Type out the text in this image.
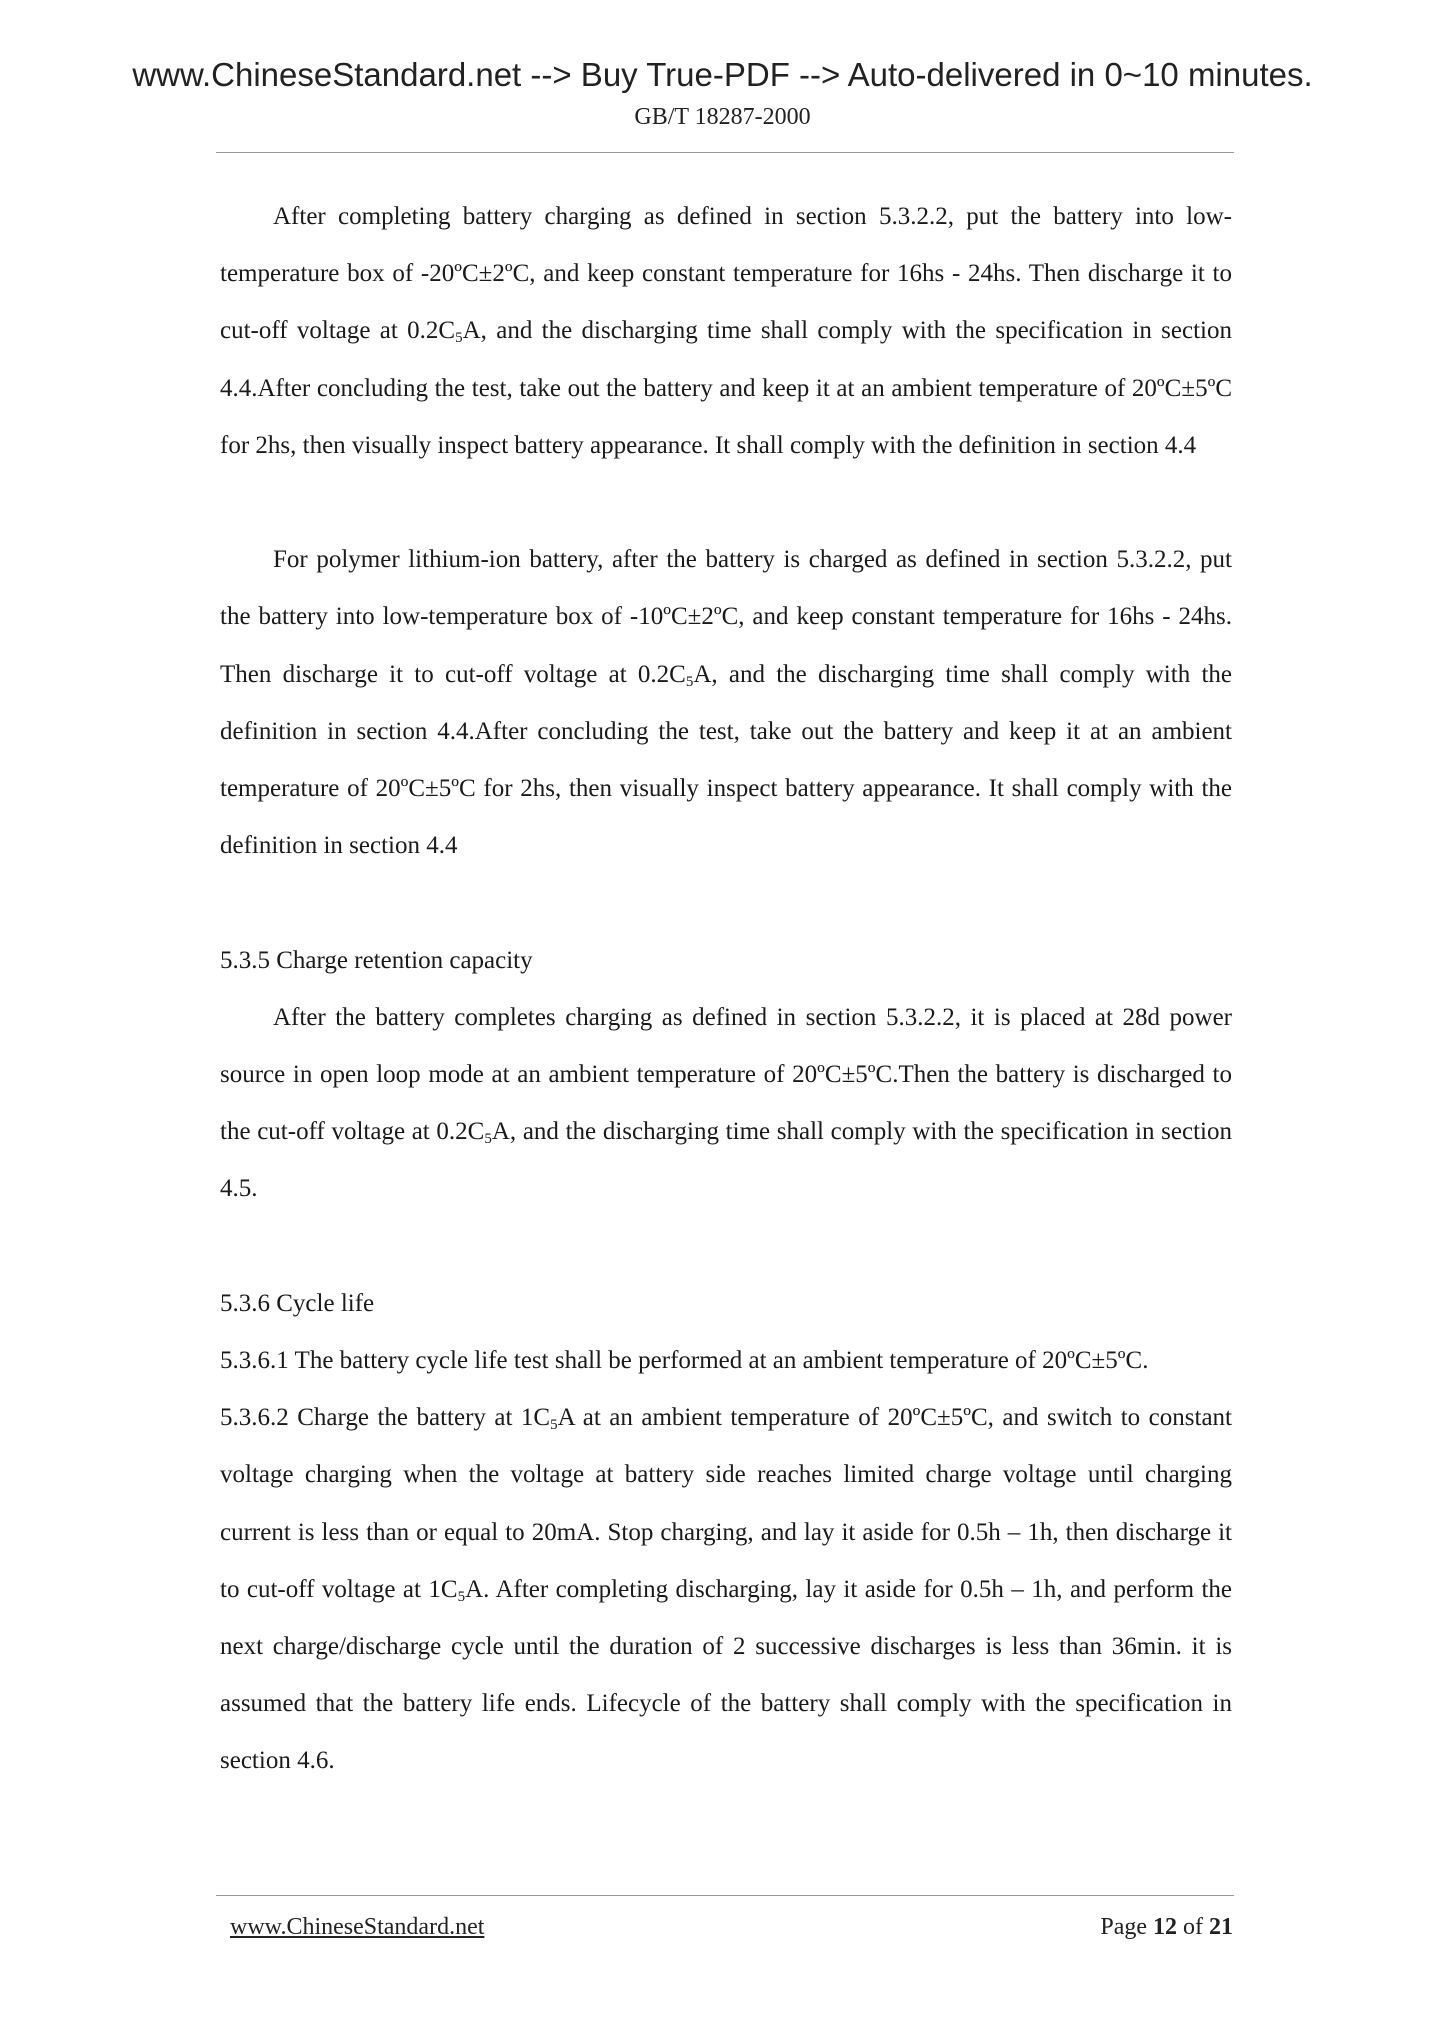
www.ChineseStandard.net --> Buy True-PDF --> Auto-delivered in 0~10 minutes.
GB/T 18287-2000

After completing battery charging as defined in section 5.3.2.2, put the battery into low-temperature box of -20ºC±2ºC, and keep constant temperature for 16hs - 24hs. Then discharge it to cut-off voltage at $0.2C_5A$, and the discharging time shall comply with the specification in section 4.4.After concluding the test, take out the battery and keep it at an ambient temperature of 20ºC±5ºC for 2hs, then visually inspect battery appearance. It shall comply with the definition in section 4.4

For polymer lithium-ion battery, after the battery is charged as defined in section 5.3.2.2, put the battery into low-temperature box of -10ºC±2ºC, and keep constant temperature for 16hs - 24hs. Then discharge it to cut-off voltage at $0.2C_5A$, and the discharging time shall comply with the definition in section 4.4.After concluding the test, take out the battery and keep it at an ambient temperature of 20ºC±5ºC for 2hs, then visually inspect battery appearance. It shall comply with the definition in section 4.4

5.3.5 Charge retention capacity

After the battery completes charging as defined in section 5.3.2.2, it is placed at 28d power source in open loop mode at an ambient temperature of 20ºC±5ºC.Then the battery is discharged to the cut-off voltage at $0.2C_5A$, and the discharging time shall comply with the specification in section 4.5.

5.3.6 Cycle life

5.3.6.1 The battery cycle life test shall be performed at an ambient temperature of 20ºC±5ºC.

5.3.6.2 Charge the battery at $1C_5A$ at an ambient temperature of 20ºC±5ºC, and switch to constant voltage charging when the voltage at battery side reaches limited charge voltage until charging current is less than or equal to 20mA. Stop charging, and lay it aside for 0.5h – 1h, then discharge it to cut-off voltage at $1C_5A$. After completing discharging, lay it aside for 0.5h – 1h, and perform the next charge/discharge cycle until the duration of 2 successive discharges is less than 36min. it is assumed that the battery life ends. Lifecycle of the battery shall comply with the specification in section 4.6.

www.ChineseStandard.net	Page 12 of 21
